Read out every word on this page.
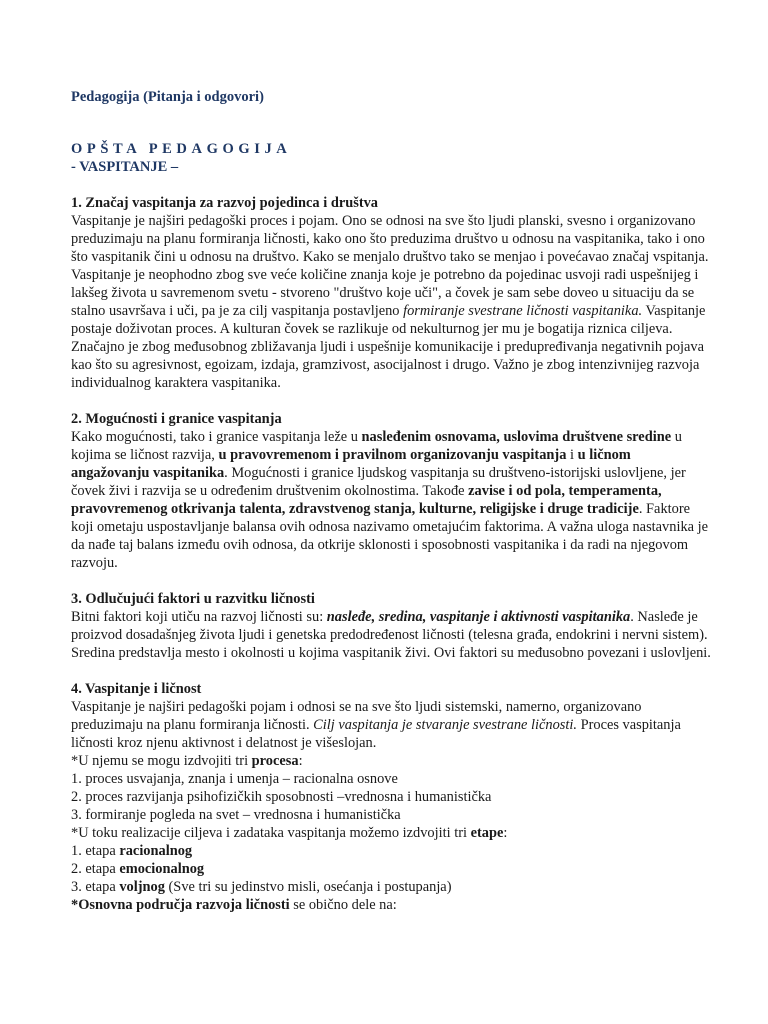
Pedagogija (Pitanja i odgovori)
OPŠTA PEDAGOGIJA
- VASPITANJE –
1. Značaj vaspitanja za razvoj pojedinca i društva

Vaspitanje je najširi pedagoški proces i pojam. Ono se odnosi na sve što ljudi planski, svesno i organizovano preduzimaju na planu formiranja ličnosti, kako ono što preduzima društvo u odnosu na vaspitanika, tako i ono što vaspitanik čini u odnosu na društvo. Kako se menjalo društvo tako se menjao i povećavao značaj vspitanja. Vaspitanje je neophodno zbog sve veće količine znanja koje je potrebno da pojedinac usvoji radi uspešnijeg i lakšeg života u savremenom svetu - stvoreno "društvo koje uči", a čovek je sam sebe doveo u situaciju da se stalno usavršava i uči, pa je za cilj vaspitanja postavljeno formiranje svestrane ličnosti vaspitanika. Vaspitanje postaje doživotan proces. A kulturan čovek se razlikuje od nekulturnog jer mu je bogatija riznica ciljeva. Značajno je zbog međusobnog zbližavanja ljudi i uspešnije komunikacije i predupređivanja negativnih pojava kao što su agresivnost, egoizam, izdaja, gramzivost, asocijalnost i drugo. Važno je zbog intenzivnijeg razvoja individualnog karaktera vaspitanika.

2. Mogućnosti i granice vaspitanja

Kako mogućnosti, tako i granice vaspitanja leže u nasleđenim osnovama, uslovima društvene sredine u kojima se ličnost razvija, u pravovremenom i pravilnom organizovanju vaspitanja i u ličnom angažovanju vaspitanika. Mogućnosti i granice ljudskog vaspitanja su društveno-istorijski uslovljene, jer čovek živi i razvija se u određenim društvenim okolnostima. Takođe zavise i od pola, temperamenta, pravovremenog otkrivanja talenta, zdravstvenog stanja, kulturne, religijske i druge tradicije. Faktore koji ometaju uspostavljanje balansa ovih odnosa nazivamo ometajućim faktorima. A važna uloga nastavnika je da nađe taj balans između ovih odnosa, da otkrije sklonosti i sposobnosti vaspitanika i da radi na njegovom razvoju.

3. Odlučujući faktori u razvitku ličnosti

Bitni faktori koji utiču na razvoj ličnosti su: nasleđe, sredina, vaspitanje i aktivnosti vaspitanika. Nasleđe je proizvod dosadašnjeg života ljudi i genetska predodređenost ličnosti (telesna građa, endokrini i nervni sistem). Sredina predstavlja mesto i okolnosti u kojima vaspitanik živi. Ovi faktori su međusobno povezani i uslovljeni.

4. Vaspitanje i ličnost

Vaspitanje je najširi pedagoški pojam i odnosi se na sve što ljudi sistemski, namerno, organizovano preduzimaju na planu formiranja ličnosti. Cilj vaspitanja je stvaranje svestrane ličnosti. Proces vaspitanja ličnosti kroz njenu aktivnost i delatnost je višeslojan.

*U njemu se mogu izdvojiti tri procesa:

1. proces usvajanja, znanja i umenja – racionalna osnove

2. proces razvijanja psihofizičkih sposobnosti –vrednosna i humanistička

3. formiranje pogleda na svet – vrednosna i humanistička

*U toku realizacije ciljeva i zadataka vaspitanja možemo izdvojiti tri etape:

1. etapa racionalnog

2. etapa emocionalnog

3. etapa voljnog (Sve tri su jedinstvo misli, osećanja i postupanja)

*Osnovna područja razvoja ličnosti se obično dele na:
